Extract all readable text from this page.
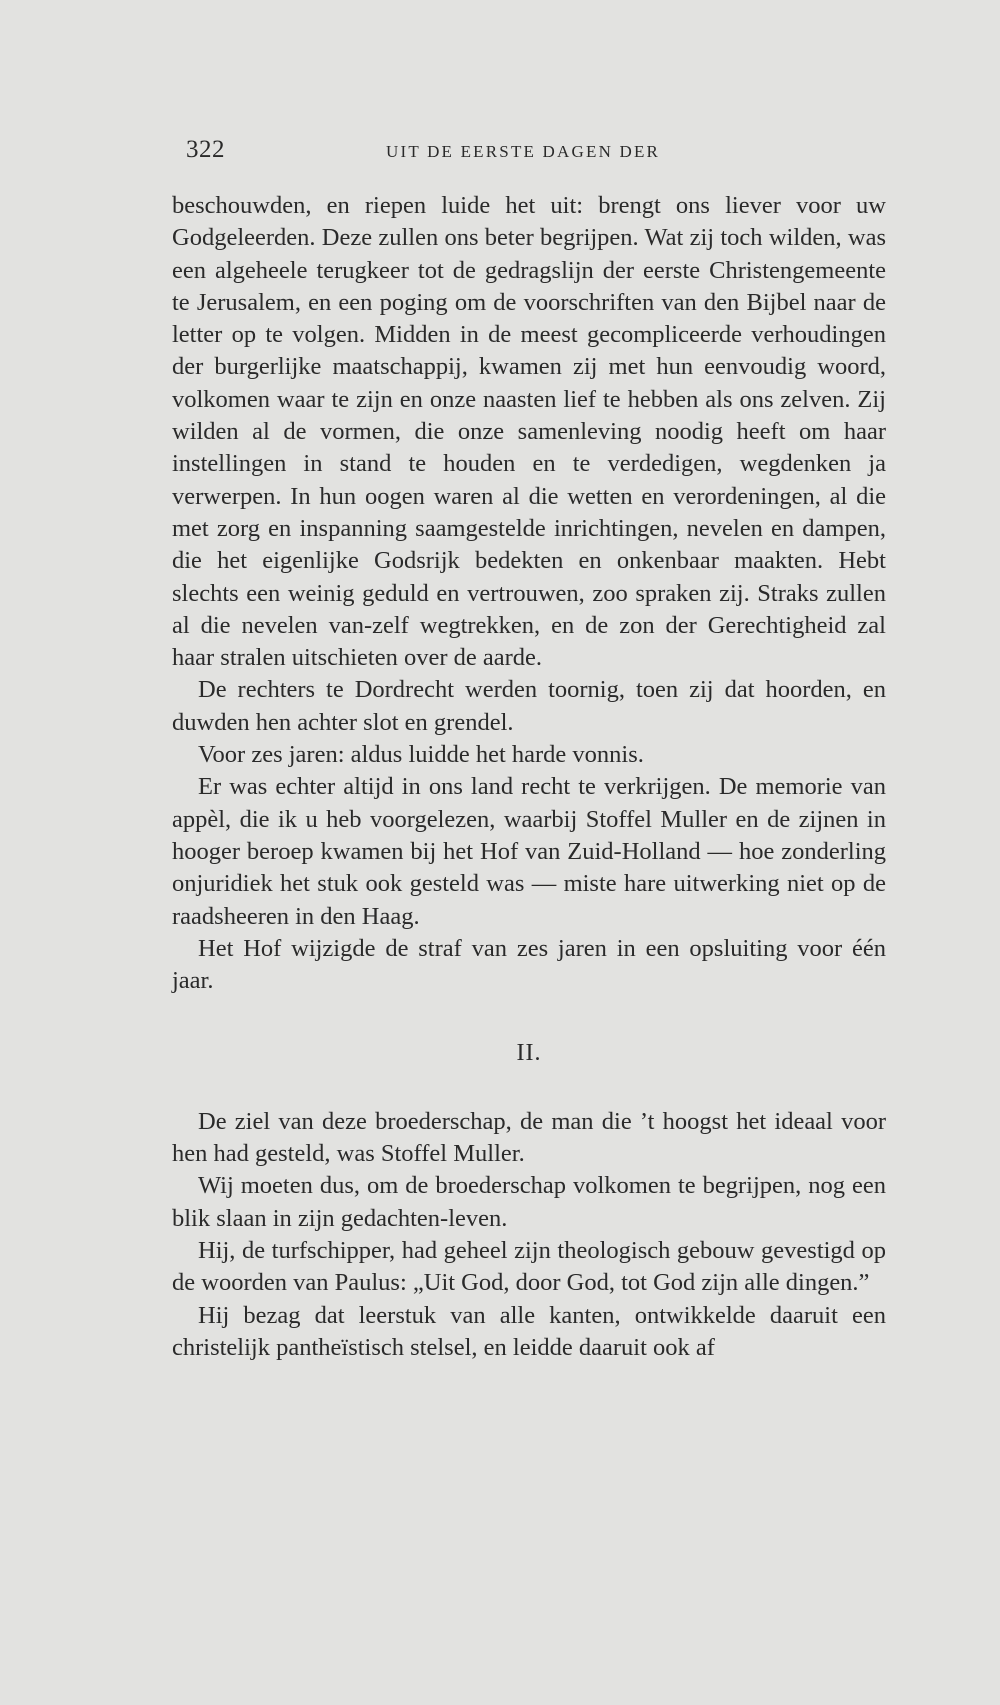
322	UIT DE EERSTE DAGEN DER

beschouwden, en riepen luide het uit: brengt ons liever voor uw Godgeleerden. Deze zullen ons beter begrijpen. Wat zij toch wilden, was een algeheele terugkeer tot de gedragslijn der eerste Christengemeente te Jerusalem, en een poging om de voorschriften van den Bijbel naar de letter op te volgen. Midden in de meest gecompliceerde verhoudingen der burgerlijke maatschappij, kwamen zij met hun eenvoudig woord, volkomen waar te zijn en onze naasten lief te hebben als ons zelven. Zij wilden al de vormen, die onze samenleving noodig heeft om haar instellingen in stand te houden en te verdedigen, wegdenken ja verwerpen. In hun oogen waren al die wetten en verordeningen, al die met zorg en inspanning saamgestelde inrichtingen, nevelen en dampen, die het eigenlijke Godsrijk bedekten en onkenbaar maakten. Hebt slechts een weinig geduld en vertrouwen, zoo spraken zij. Straks zullen al die nevelen van-zelf wegtrekken, en de zon der Gerechtigheid zal haar stralen uitschieten over de aarde.

De rechters te Dordrecht werden toornig, toen zij dat hoorden, en duwden hen achter slot en grendel.

Voor zes jaren: aldus luidde het harde vonnis.

Er was echter altijd in ons land recht te verkrijgen. De memorie van appèl, die ik u heb voorgelezen, waarbij Stoffel Muller en de zijnen in hooger beroep kwamen bij het Hof van Zuid-Holland — hoe zonderling onjuridiek het stuk ook gesteld was — miste hare uitwerking niet op de raadsheeren in den Haag.

Het Hof wijzigde de straf van zes jaren in een opsluiting voor één jaar.

II.

De ziel van deze broederschap, de man die ’t hoogst het ideaal voor hen had gesteld, was Stoffel Muller.

Wij moeten dus, om de broederschap volkomen te begrijpen, nog een blik slaan in zijn gedachten-leven.

Hij, de turfschipper, had geheel zijn theologisch gebouw gevestigd op de woorden van Paulus: „Uit God, door God, tot God zijn alle dingen.”

Hij bezag dat leerstuk van alle kanten, ontwikkelde daaruit een christelijk pantheïstisch stelsel, en leidde daaruit ook af
